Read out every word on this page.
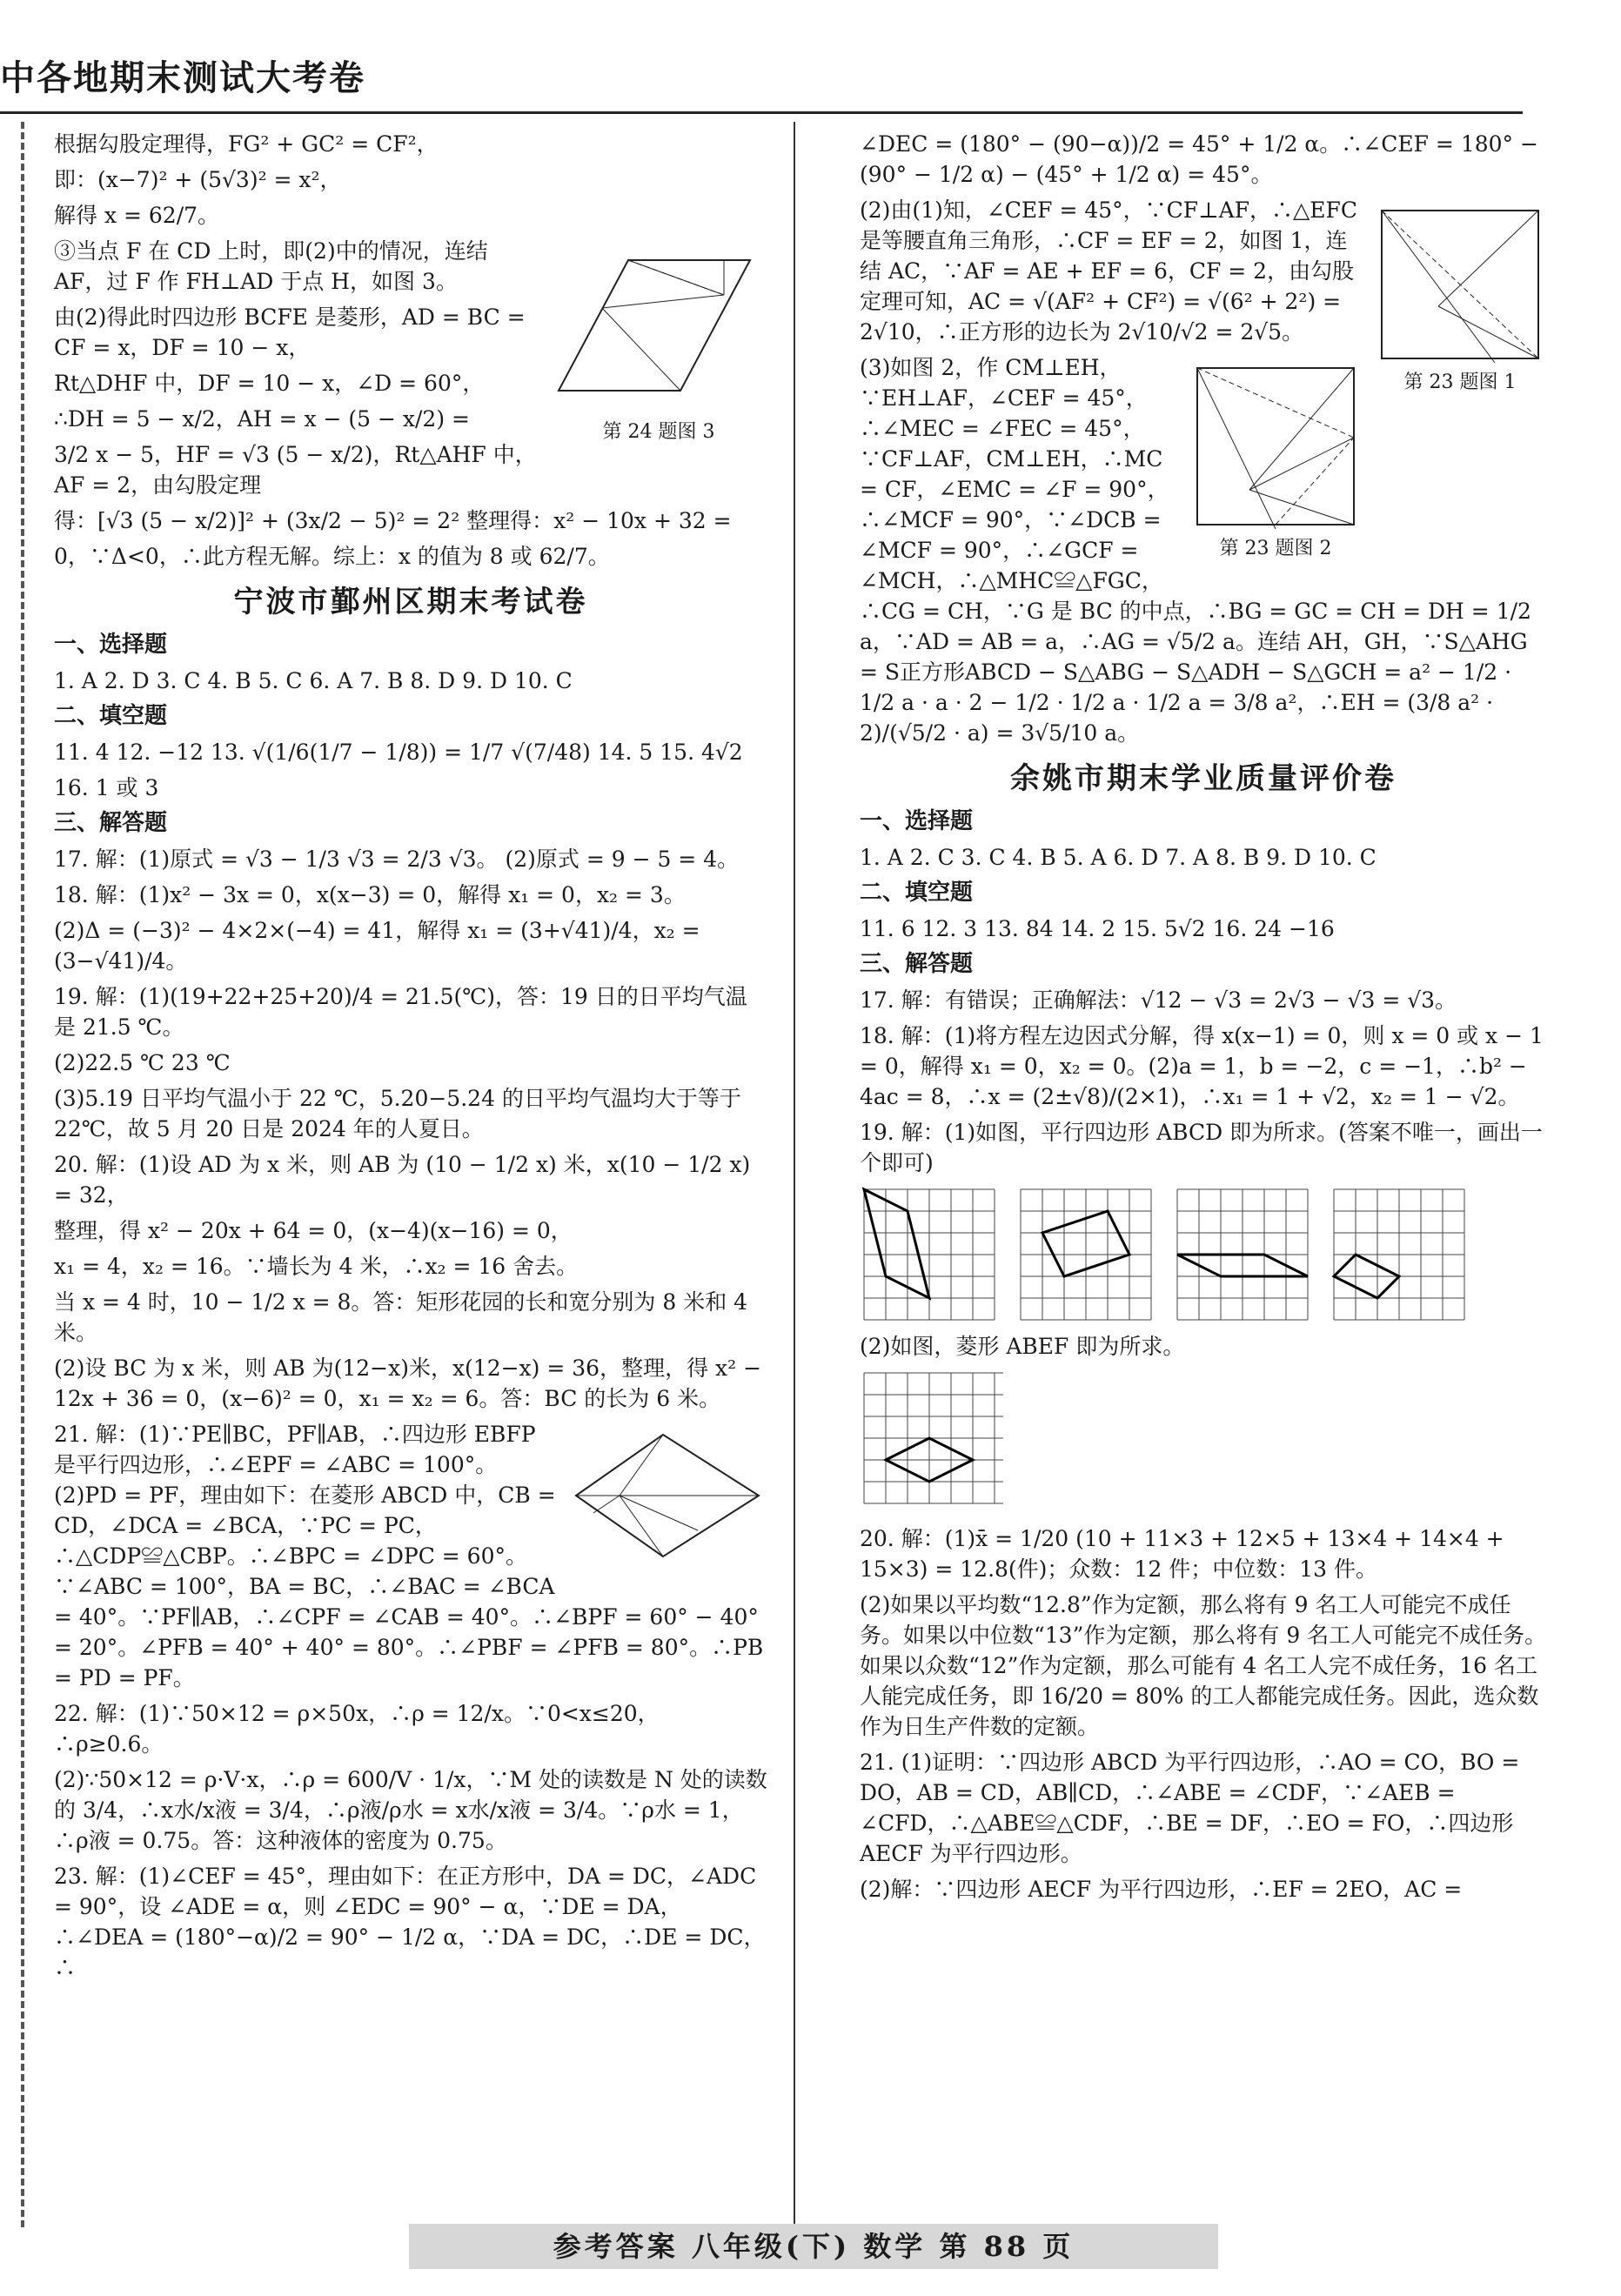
中各地期末测试大考卷

根据勾股定理得，FG² + GC² = CF²，

即：(x−7)² + (5√3)² = x²，

解得 x = 62/7。

第 24 题图 3

③当点 F 在 CD 上时，即(2)中的情况，连结 AF，过 F 作 FH⊥AD 于点 H，如图 3。

由(2)得此时四边形 BCFE 是菱形，AD = BC = CF = x，DF = 10 − x，

Rt△DHF 中，DF = 10 − x，∠D = 60°，

∴DH = 5 − x/2，AH = x − (5 − x/2) =

3/2 x − 5，HF = √3 (5 − x/2)，Rt△AHF 中，AF = 2，由勾股定理

得：[√3 (5 − x/2)]² + (3x/2 − 5)² = 2² 整理得：x² − 10x + 32 =

0，∵Δ<0，∴此方程无解。综上：x 的值为 8 或 62/7。

宁波市鄞州区期末考试卷
一、选择题

1. A 2. D 3. C 4. B 5. C 6. A 7. B 8. D 9. D 10. C

二、填空题

11. 4 12. −12 13. √(1/6(1/7 − 1/8)) = 1/7 √(7/48) 14. 5 15. 4√2

16. 1 或 3

三、解答题

17. 解：(1)原式 = √3 − 1/3 √3 = 2/3 √3。 (2)原式 = 9 − 5 = 4。

18. 解：(1)x² − 3x = 0，x(x−3) = 0，解得 x₁ = 0，x₂ = 3。

(2)Δ = (−3)² − 4×2×(−4) = 41，解得 x₁ = (3+√41)/4，x₂ = (3−√41)/4。

19. 解：(1)(19+22+25+20)/4 = 21.5(℃)，答：19 日的日平均气温是 21.5 ℃。

(2)22.5 ℃ 23 ℃

(3)5.19 日平均气温小于 22 ℃，5.20−5.24 的日平均气温均大于等于 22℃，故 5 月 20 日是 2024 年的人夏日。

20. 解：(1)设 AD 为 x 米，则 AB 为 (10 − 1/2 x) 米，x(10 − 1/2 x) = 32，

整理，得 x² − 20x + 64 = 0，(x−4)(x−16) = 0，

x₁ = 4，x₂ = 16。∵墙长为 4 米，∴x₂ = 16 舍去。

当 x = 4 时，10 − 1/2 x = 8。答：矩形花园的长和宽分别为 8 米和 4 米。

(2)设 BC 为 x 米，则 AB 为(12−x)米，x(12−x) = 36，整理，得 x² − 12x + 36 = 0，(x−6)² = 0，x₁ = x₂ = 6。答：BC 的长为 6 米。

21. 解：(1)∵PE∥BC，PF∥AB，∴四边形 EBFP 是平行四边形，∴∠EPF = ∠ABC = 100°。(2)PD = PF，理由如下：在菱形 ABCD 中，CB = CD，∠DCA = ∠BCA，∵PC = PC，∴△CDP≌△CBP。∴∠BPC = ∠DPC = 60°。∵∠ABC = 100°，BA = BC，∴∠BAC = ∠BCA = 40°。∵PF∥AB，∴∠CPF = ∠CAB = 40°。∴∠BPF = 60° − 40° = 20°。∠PFB = 40° + 40° = 80°。∴∠PBF = ∠PFB = 80°。∴PB = PD = PF。

22. 解：(1)∵50×12 = ρ×50x，∴ρ = 12/x。∵0<x≤20，∴ρ≥0.6。

(2)∵50×12 = ρ·V·x，∴ρ = 600/V · 1/x，∵M 处的读数是 N 处的读数的 3/4，∴x水/x液 = 3/4，∴ρ液/ρ水 = x水/x液 = 3/4。∵ρ水 = 1，∴ρ液 = 0.75。答：这种液体的密度为 0.75。

23. 解：(1)∠CEF = 45°，理由如下：在正方形中，DA = DC，∠ADC = 90°，设 ∠ADE = α，则 ∠EDC = 90° − α，∵DE = DA，∴∠DEA = (180°−α)/2 = 90° − 1/2 α，∵DA = DC，∴DE = DC，∴

∠DEC = (180° − (90−α))/2 = 45° + 1/2 α。∴∠CEF = 180° − (90° − 1/2 α) − (45° + 1/2 α) = 45°。

第 23 题图 1

(2)由(1)知，∠CEF = 45°，∵CF⊥AF，∴△EFC 是等腰直角三角形，∴CF = EF = 2，如图 1，连结 AC，∵AF = AE + EF = 6，CF = 2，由勾股定理可知，AC = √(AF² + CF²) = √(6² + 2²) = 2√10，∴正方形的边长为 2√10/√2 = 2√5。

第 23 题图 2

(3)如图 2，作 CM⊥EH，∵EH⊥AF，∠CEF = 45°，∴∠MEC = ∠FEC = 45°，∵CF⊥AF，CM⊥EH，∴MC = CF，∠EMC = ∠F = 90°，∴∠MCF = 90°，∵∠DCB = ∠MCF = 90°，∴∠GCF = ∠MCH，∴△MHC≌△FGC，∴CG = CH，∵G 是 BC 的中点，∴BG = GC = CH = DH = 1/2 a，∵AD = AB = a，∴AG = √5/2 a。连结 AH，GH，∵S△AHG = S正方形ABCD − S△ABG − S△ADH − S△GCH = a² − 1/2 · 1/2 a · a · 2 − 1/2 · 1/2 a · 1/2 a = 3/8 a²，∴EH = (3/8 a² · 2)/(√5/2 · a) = 3√5/10 a。

余姚市期末学业质量评价卷
一、选择题

1. A 2. C 3. C 4. B 5. A 6. D 7. A 8. B 9. D 10. C

二、填空题

11. 6 12. 3 13. 84 14. 2 15. 5√2 16. 24 −16

三、解答题

17. 解：有错误；正确解法：√12 − √3 = 2√3 − √3 = √3。

18. 解：(1)将方程左边因式分解，得 x(x−1) = 0，则 x = 0 或 x − 1 = 0，解得 x₁ = 0，x₂ = 0。(2)a = 1，b = −2，c = −1，∴b² − 4ac = 8，∴x = (2±√8)/(2×1)，∴x₁ = 1 + √2，x₂ = 1 − √2。

19. 解：(1)如图，平行四边形 ABCD 即为所求。(答案不唯一，画出一个即可)

(2)如图，菱形 ABEF 即为所求。

20. 解：(1)x̄ = 1/20 (10 + 11×3 + 12×5 + 13×4 + 14×4 + 15×3) = 12.8(件)；众数：12 件；中位数：13 件。

(2)如果以平均数“12.8”作为定额，那么将有 9 名工人可能完不成任务。如果以中位数“13”作为定额，那么将有 9 名工人可能完不成任务。如果以众数“12”作为定额，那么可能有 4 名工人完不成任务，16 名工人能完成任务，即 16/20 = 80% 的工人都能完成任务。因此，选众数作为日生产件数的定额。

21. (1)证明：∵四边形 ABCD 为平行四边形，∴AO = CO，BO = DO，AB = CD，AB∥CD，∴∠ABE = ∠CDF，∵∠AEB = ∠CFD，∴△ABE≌△CDF，∴BE = DF，∴EO = FO，∴四边形 AECF 为平行四边形。

(2)解：∵四边形 AECF 为平行四边形，∴EF = 2EO，AC =

参考答案 八年级(下) 数学 第 88 页
